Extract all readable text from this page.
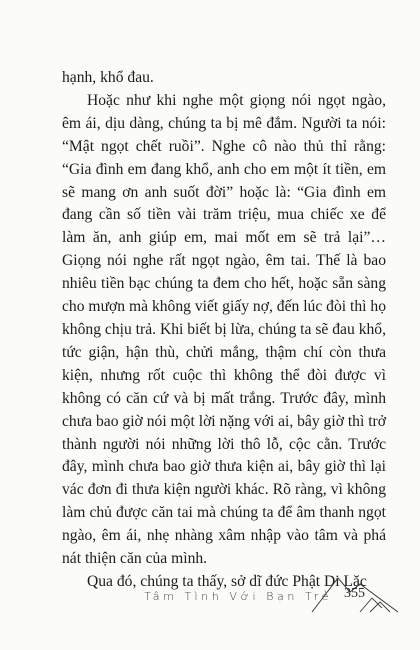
hạnh, khổ đau.

Hoặc như khi nghe một giọng nói ngọt ngào, êm ái, dịu dàng, chúng ta bị mê đắm. Người ta nói: “Mật ngọt chết ruồi”. Nghe cô nào thủ thỉ rằng: “Gia đình em đang khổ, anh cho em một ít tiền, em sẽ mang ơn anh suốt đời” hoặc là: “Gia đình em đang cần số tiền vài trăm triệu, mua chiếc xe để làm ăn, anh giúp em, mai mốt em sẽ trả lại”… Giọng nói nghe rất ngọt ngào, êm tai. Thế là bao nhiêu tiền bạc chúng ta đem cho hết, hoặc sẵn sàng cho mượn mà không viết giấy nợ, đến lúc đòi thì họ không chịu trả. Khi biết bị lừa, chúng ta sẽ đau khổ, tức giận, hận thù, chửi mắng, thậm chí còn thưa kiện, nhưng rốt cuộc thì không thể đòi được vì không có căn cứ và bị mất trắng. Trước đây, mình chưa bao giờ nói một lời nặng với ai, bây giờ thì trở thành người nói những lời thô lỗ, cộc cằn. Trước đây, mình chưa bao giờ thưa kiện ai, bây giờ thì lại vác đơn đi thưa kiện người khác. Rõ ràng, vì không làm chủ được căn tai mà chúng ta để âm thanh ngọt ngào, êm ái, nhẹ nhàng xâm nhập vào tâm và phá nát thiện căn của mình.

Qua đó, chúng ta thấy, sở dĩ đức Phật Di Lặc

Tâm Tình Với Bạn Trẻ 355
